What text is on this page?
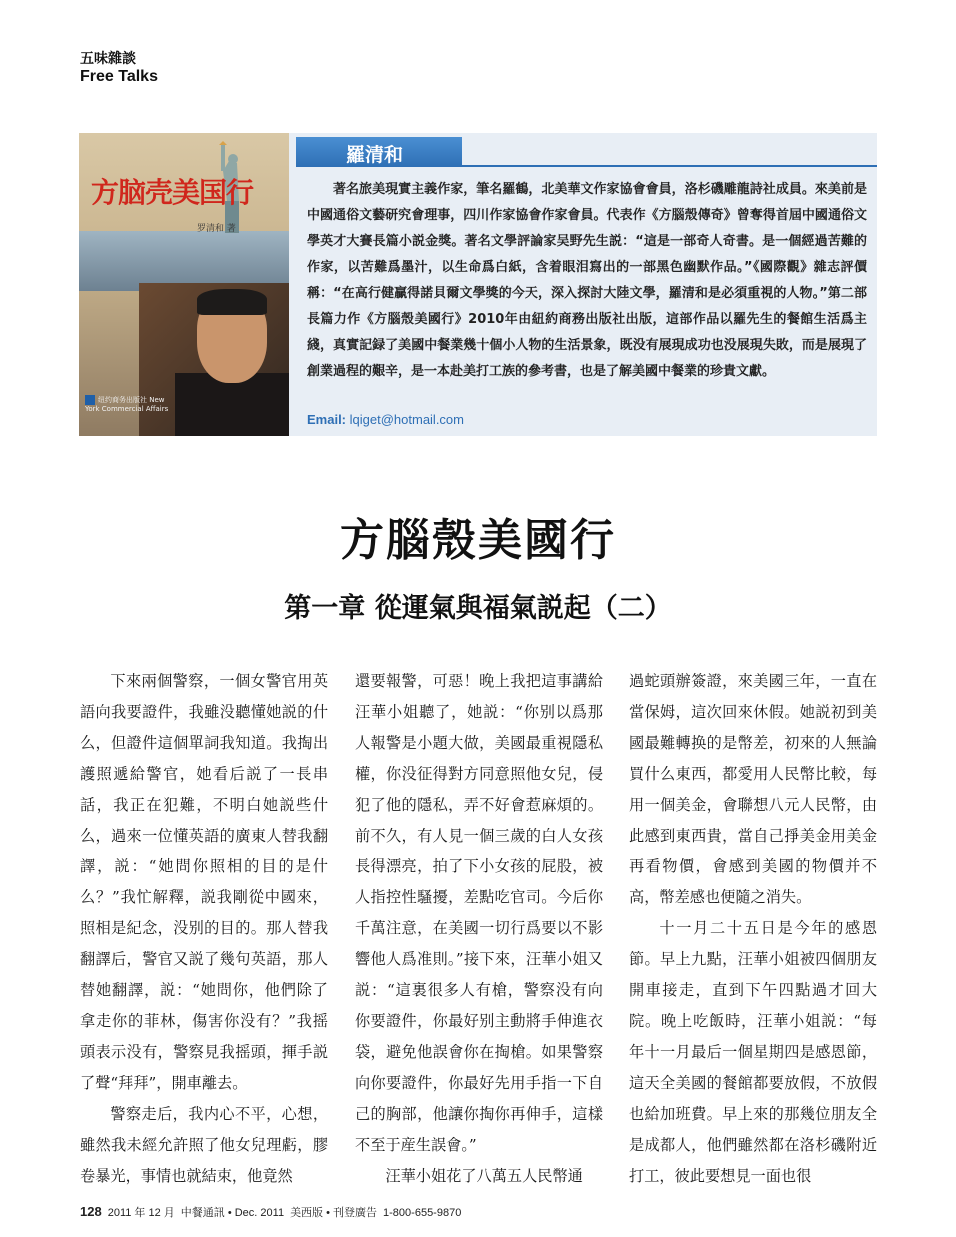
五味雜談
Free Talks
方脑壳美国行
罗清和 著
纽约商务出版社 New York Commercial Affairs
羅清和
著名旅美現實主義作家，筆名羅鶴，北美華文作家協會會員，洛杉磯雕龍詩社成員。來美前是中國通俗文藝研究會理事，四川作家協會作家會員。代表作《方腦殼傳奇》曾奪得首屆中國通俗文學英才大賽長篇小説金獎。著名文學評論家吴野先生説：“這是一部奇人奇書。是一個經過苦難的作家，以苦難爲墨汁，以生命爲白紙，含着眼泪寫出的一部黑色幽默作品。”《國際觀》雜志評價稱：“在高行健贏得諾貝爾文學獎的今天，深入探討大陸文學，羅清和是必須重視的人物。”第二部長篇力作《方腦殼美國行》2010年由紐約商務出版社出版，這部作品以羅先生的餐館生活爲主綫，真實記録了美國中餐業幾十個小人物的生活景象，既没有展現成功也没展現失敗，而是展現了創業過程的艱辛，是一本赴美打工族的參考書，也是了解美國中餐業的珍貴文獻。
Email: lqiget@hotmail.com
方腦殼美國行
第一章 從運氣與福氣説起（二）

下來兩個警察，一個女警官用英語向我要證件，我雖没聽懂她説的什么，但證件這個單詞我知道。我掏出護照遞給警官，她看后説了一長串話，我正在犯難，不明白她説些什么，過來一位懂英語的廣東人替我翻譯，説：“她問你照相的目的是什么？”我忙解釋，説我剛從中國來，照相是紀念，没别的目的。那人替我翻譯后，警官又説了幾句英語，那人替她翻譯，説：“她問你，他們除了拿走你的菲林，傷害你没有？”我摇頭表示没有，警察見我摇頭，揮手説了聲“拜拜”，開車離去。

警察走后，我内心不平，心想，雖然我未經允許照了他女兒理虧，膠卷暴光，事情也就結束，他竟然

還要報警，可惡！晚上我把這事講給汪華小姐聽了，她説：“你别以爲那人報警是小題大做，美國最重視隱私權，你没征得對方同意照他女兒，侵犯了他的隱私，弄不好會惹麻煩的。前不久，有人見一個三歲的白人女孩長得漂亮，拍了下小女孩的屁股，被人指控性騷擾，差點吃官司。今后你千萬注意，在美國一切行爲要以不影響他人爲准則。”接下來，汪華小姐又説：“這裏很多人有槍，警察没有向你要證件，你最好别主動將手伸進衣袋，避免他誤會你在掏槍。如果警察向你要證件，你最好先用手指一下自己的胸部，他讓你掏你再伸手，這樣不至于産生誤會。”

汪華小姐花了八萬五人民幣通

過蛇頭辦簽證，來美國三年，一直在當保姆，這次回來休假。她説初到美國最難轉换的是幣差，初來的人無論買什么東西，都愛用人民幣比較，每用一個美金，會聯想八元人民幣，由此感到東西貴，當自己掙美金用美金再看物價，會感到美國的物價并不高，幣差感也便隨之消失。

十一月二十五日是今年的感恩節。早上九點，汪華小姐被四個朋友開車接走，直到下午四點過才回大院。晚上吃飯時，汪華小姐説：“每年十一月最后一個星期四是感恩節，這天全美國的餐館都要放假，不放假也給加班費。早上來的那幾位朋友全是成都人，他們雖然都在洛杉磯附近打工，彼此要想見一面也很

128 2011 年 12 月 中餐通訊 • Dec. 2011 美西版 • 刊登廣告 1-800-655-9870
